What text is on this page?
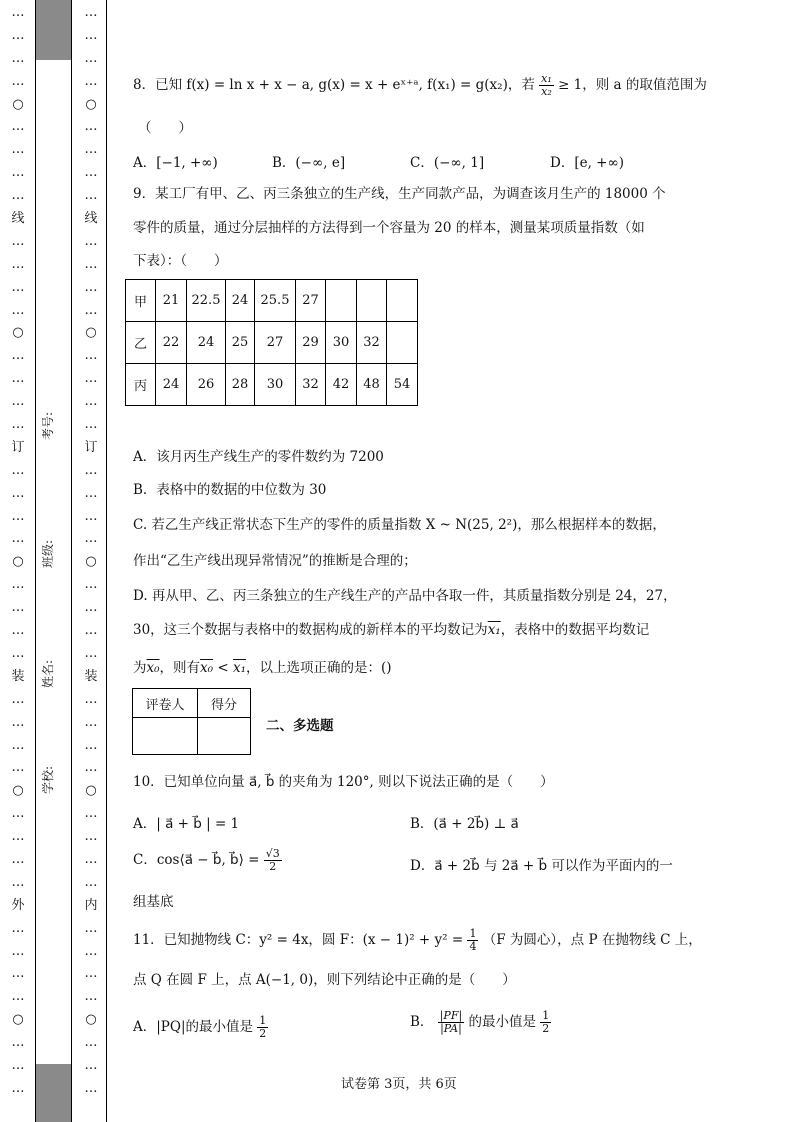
…
…
…
…
○
…
…
…
…
线
…
…
…
…
○
…
…
…
…
订
…
…
…
…
○
…
…
…
…
装
…
…
…
…
○
…
…
…
…
外
…
…
…
…
○
…
…
…
考号:
班级:
姓名:
学校:
…
…
…
…
○
…
…
…
…
线
…
…
…
…
○
…
…
…
…
订
…
…
…
…
○
…
…
…
…
装
…
…
…
…
○
…
…
…
…
内
…
…
…
…
○
…
…
…
8．已知 f(x) = ln x + x − a, g(x) = x + eˣ⁺ᵃ, f(x₁) = g(x₂)，若 $\frac{\text{x₁}}{\text{x₂}} \ge 1$，则 a 的取值范围为
（　　）
A．[−1, +∞)	B．(−∞, e]	C．(−∞, 1]	D．[e, +∞)
9．某工厂有甲、乙、丙三条独立的生产线，生产同款产品，为调查该月生产的 18000 个
零件的质量，通过分层抽样的方法得到一个容量为 20 的样本，测量某项质量指数（如
下表）：（　　）
甲	21	22.5	24	25.5	27			
乙	22	24	25	27	29	30	32	
丙	24	26	28	30	32	42	48	54
A．该月丙生产线生产的零件数约为 7200
B．表格中的数据的中位数为 30
C. 若乙生产线正常状态下生产的零件的质量指数 X ~ N(25, 2²)，那么根据样本的数据，
作出“乙生产线出现异常情况”的推断是合理的；
D. 再从甲、乙、丙三条独立的生产线生产的产品中各取一件，其质量指数分别是 24，27，
30，这三个数据与表格中的数据构成的新样本的平均数记为x₁，表格中的数据平均数记
为x₀，则有x₀ < x₁，以上选项正确的是：()
评卷人	得分

二、多选题
10．已知单位向量 a⃗, b⃗ 的夹角为 120°, 则以下说法正确的是（　　）
A．| a⃗ + b⃗ | = 1	B．(a⃗ + 2b⃗) ⊥ a⃗
C．cos⟨a⃗ − b⃗, b⃗⟩ = $\frac{√3}{2}$	D．a⃗ + 2b⃗ 与 2a⃗ + b⃗ 可以作为平面内的一
组基底
11．已知抛物线 C：y² = 4x，圆 F：$(x - 1)^2 + y^2 = \frac{1}{4} (F$ 为圆心），点 P 在抛物线 C 上，
点 Q 在圆 F 上，点 A(−1, 0)，则下列结论中正确的是（　　）
A．|PQ|的最小值是 $\frac{1}{2}$	B． $\frac{|PF|}{|PA|}$ 的最小值是 $\frac{1}{2}$
试卷第 3页，共 6页
